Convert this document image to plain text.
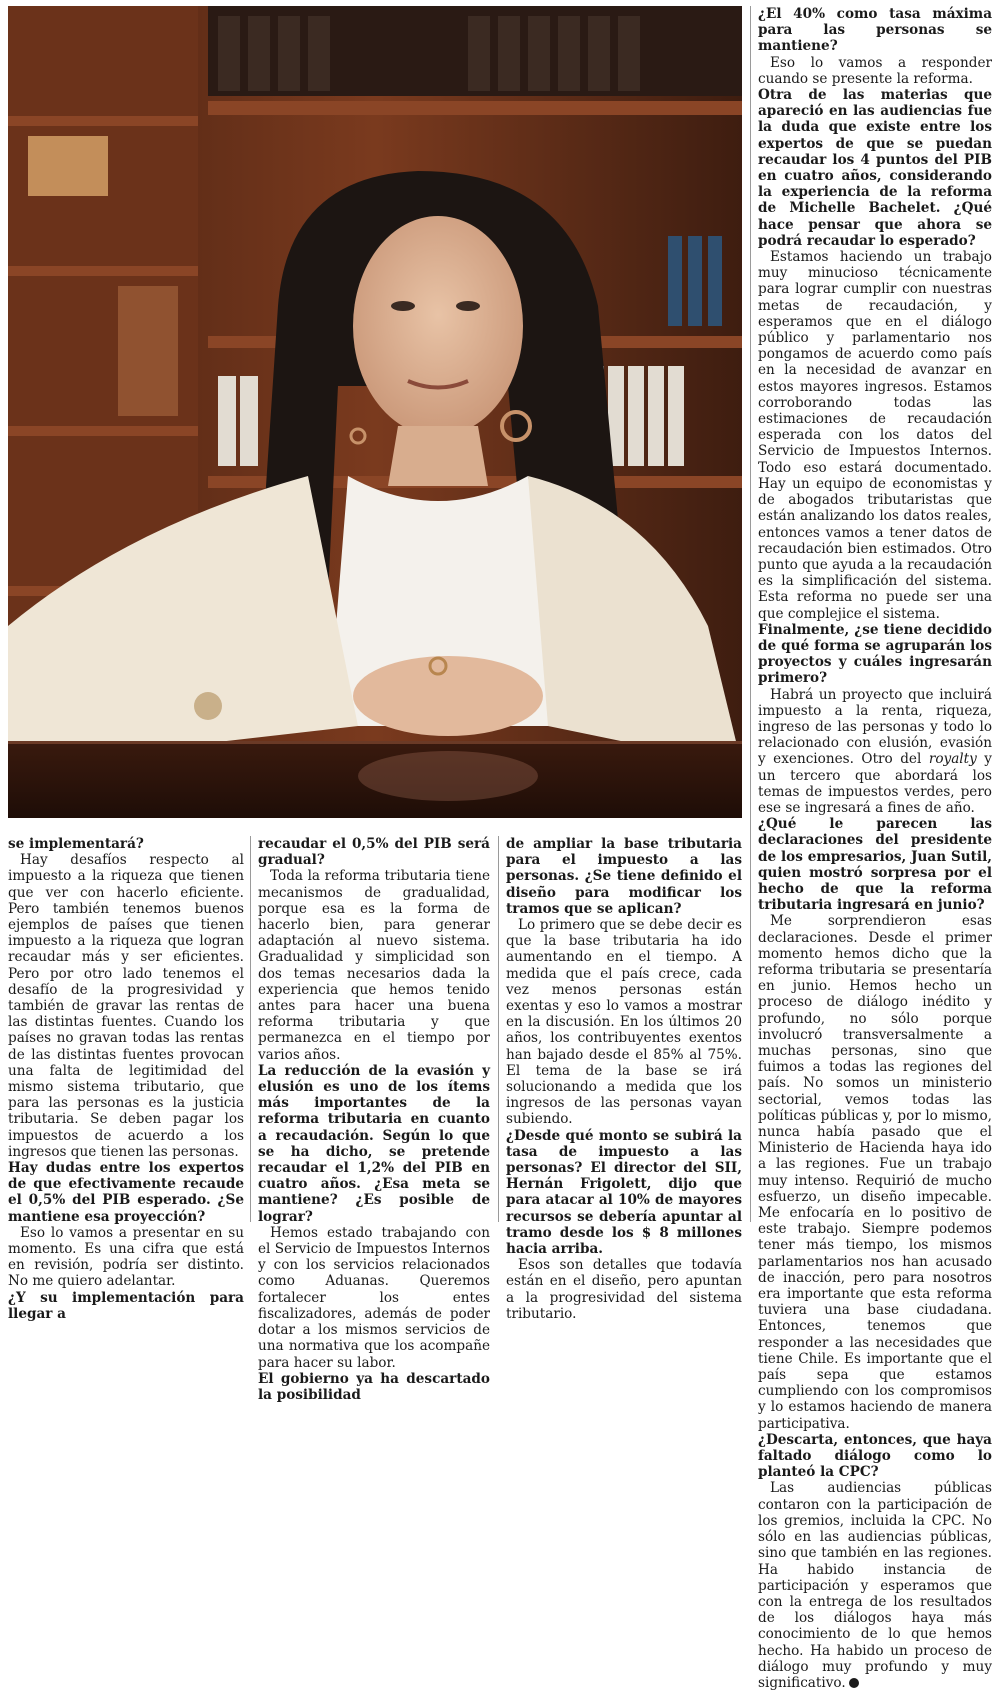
se implementará?

Hay desafíos respecto al impuesto a la riqueza que tienen que ver con hacerlo eficiente. Pero también tenemos buenos ejemplos de países que tienen impuesto a la riqueza que logran recaudar más y ser eficientes. Pero por otro lado tenemos el desafío de la progresividad y también de gravar las rentas de las distintas fuentes. Cuando los países no gravan todas las rentas de las distintas fuentes provocan una falta de legitimidad del mismo sistema tributario, que para las personas es la justicia tributaria. Se deben pagar los impuestos de acuerdo a los ingresos que tienen las personas.

Hay dudas entre los expertos de que efectivamente recaude el 0,5% del PIB esperado. ¿Se mantiene esa proyección?

Eso lo vamos a presentar en su momento. Es una cifra que está en revisión, podría ser distinto. No me quiero adelantar.

¿Y su implementación para llegar a

recaudar el 0,5% del PIB será gradual?

Toda la reforma tributaria tiene mecanismos de gradualidad, porque esa es la forma de hacerlo bien, para generar adaptación al nuevo sistema. Gradualidad y simplicidad son dos temas necesarios dada la experiencia que hemos tenido antes para hacer una buena reforma tributaria y que permanezca en el tiempo por varios años.

La reducción de la evasión y elusión es uno de los ítems más importantes de la reforma tributaria en cuanto a recaudación. Según lo que se ha dicho, se pretende recaudar el 1,2% del PIB en cuatro años. ¿Esa meta se mantiene? ¿Es posible de lograr?

Hemos estado trabajando con el Servicio de Impuestos Internos y con los servicios relacionados como Aduanas. Queremos fortalecer los entes fiscalizadores, además de poder dotar a los mismos servicios de una normativa que los acompañe para hacer su labor.

El gobierno ya ha descartado la posibilidad

de ampliar la base tributaria para el impuesto a las personas. ¿Se tiene definido el diseño para modificar los tramos que se aplican?

Lo primero que se debe decir es que la base tributaria ha ido aumentando en el tiempo. A medida que el país crece, cada vez menos personas están exentas y eso lo vamos a mostrar en la discusión. En los últimos 20 años, los contribuyentes exentos han bajado desde el 85% al 75%. El tema de la base se irá solucionando a medida que los ingresos de las personas vayan subiendo.

¿Desde qué monto se subirá la tasa de impuesto a las personas? El director del SII, Hernán Frigolett, dijo que para atacar al 10% de mayores recursos se debería apuntar al tramo desde los $ 8 millones hacia arriba.

Esos son detalles que todavía están en el diseño, pero apuntan a la progresividad del sistema tributario.

¿El 40% como tasa máxima para las personas se mantiene?

Eso lo vamos a responder cuando se presente la reforma.

Otra de las materias que apareció en las audiencias fue la duda que existe entre los expertos de que se puedan recaudar los 4 puntos del PIB en cuatro años, considerando la experiencia de la reforma de Michelle Bachelet. ¿Qué hace pensar que ahora se podrá recaudar lo esperado?

Estamos haciendo un trabajo muy minucioso técnicamente para lograr cumplir con nuestras metas de recaudación, y esperamos que en el diálogo público y parlamentario nos pongamos de acuerdo como país en la necesidad de avanzar en estos mayores ingresos. Estamos corroborando todas las estimaciones de recaudación esperada con los datos del Servicio de Impuestos Internos. Todo eso estará documentado. Hay un equipo de economistas y de abogados tributaristas que están analizando los datos reales, entonces vamos a tener datos de recaudación bien estimados. Otro punto que ayuda a la recaudación es la simplificación del sistema. Esta reforma no puede ser una que complejice el sistema.

Finalmente, ¿se tiene decidido de qué forma se agruparán los proyectos y cuáles ingresarán primero?

Habrá un proyecto que incluirá impuesto a la renta, riqueza, ingreso de las personas y todo lo relacionado con elusión, evasión y exenciones. Otro del royalty y un tercero que abordará los temas de impuestos verdes, pero ese se ingresará a fines de año.

¿Qué le parecen las declaraciones del presidente de los empresarios, Juan Sutil, quien mostró sorpresa por el hecho de que la reforma tributaria ingresará en junio?

Me sorprendieron esas declaraciones. Desde el primer momento hemos dicho que la reforma tributaria se presentaría en junio. Hemos hecho un proceso de diálogo inédito y profundo, no sólo porque involucró transversalmente a muchas personas, sino que fuimos a todas las regiones del país. No somos un ministerio sectorial, vemos todas las políticas públicas y, por lo mismo, nunca había pasado que el Ministerio de Hacienda haya ido a las regiones. Fue un trabajo muy intenso. Requirió de mucho esfuerzo, un diseño impecable. Me enfocaría en lo positivo de este trabajo. Siempre podemos tener más tiempo, los mismos parlamentarios nos han acusado de inacción, pero para nosotros era importante que esta reforma tuviera una base ciudadana. Entonces, tenemos que responder a las necesidades que tiene Chile. Es importante que el país sepa que estamos cumpliendo con los compromisos y lo estamos haciendo de manera participativa.

¿Descarta, entonces, que haya faltado diálogo como lo planteó la CPC?

Las audiencias públicas contaron con la participación de los gremios, incluida la CPC. No sólo en las audiencias públicas, sino que también en las regiones. Ha habido instancia de participación y esperamos que con la entrega de los resultados de los diálogos haya más conocimiento de lo que hemos hecho. Ha habido un proceso de diálogo muy profundo y muy significativo. ▸
